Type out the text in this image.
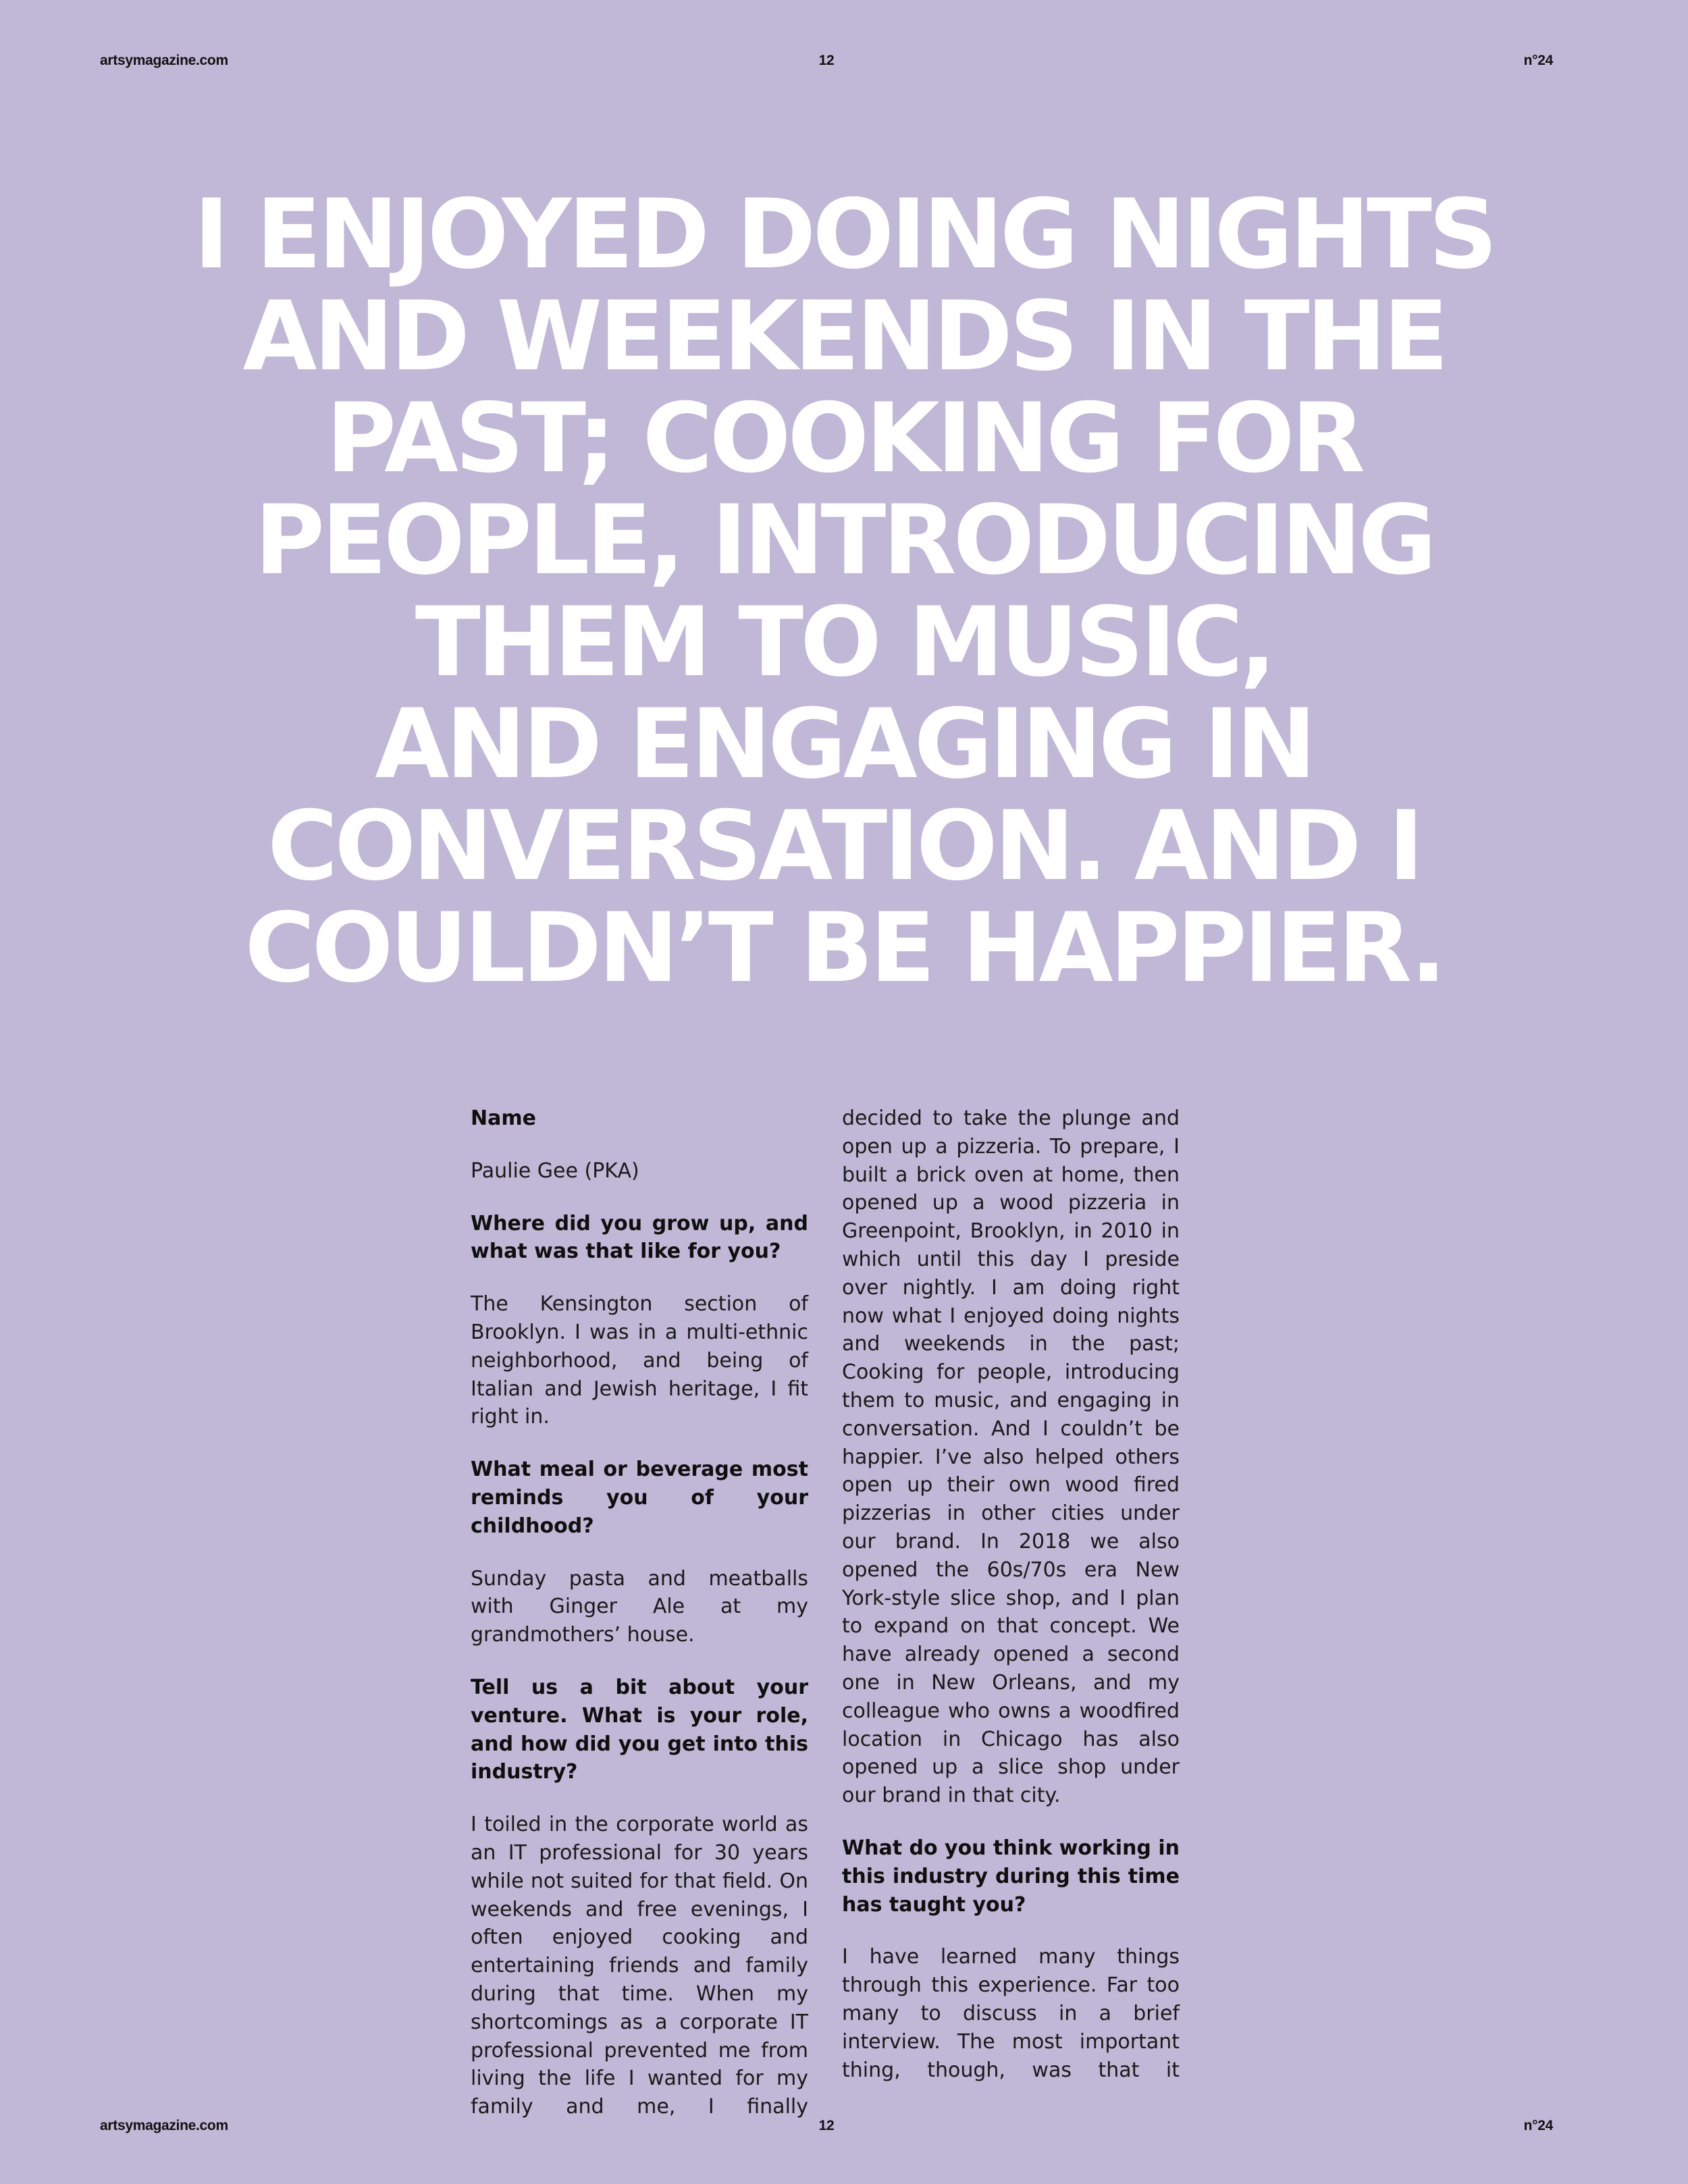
artsymagazine.com	12	n°24
I ENJOYED DOING NIGHTS
AND WEEKENDS IN THE
PAST; COOKING FOR
PEOPLE, INTRODUCING
THEM TO MUSIC,
AND ENGAGING IN
CONVERSATION. AND I
COULDN’T BE HAPPIER.

Name

Paulie Gee (PKA)

Where did you grow up, and what was that like for you?

The Kensington section of Brooklyn. I was in a multi-ethnic neighborhood, and being of Italian and Jewish heritage, I fit right in.

What meal or beverage most reminds you of your childhood?

Sunday pasta and meatballs with Ginger Ale at my grandmothers’ house.

Tell us a bit about your venture. What is your role, and how did you get into this industry?

I toiled in the corporate world as an IT professional for 30 years while not suited for that field. On weekends and free evenings, I often enjoyed cooking and entertaining friends and family during that time. When my shortcomings as a corporate IT professional prevented me from living the life I wanted for my family and me, I finally

decided to take the plunge and open up a pizzeria. To prepare, I built a brick oven at home, then opened up a wood pizzeria in Greenpoint, Brooklyn, in 2010 in which until this day I preside over nightly. I am doing right now what I enjoyed doing nights and weekends in the past; Cooking for people, introducing them to music, and engaging in conversation. And I couldn’t be happier. I’ve also helped others open up their own wood fired pizzerias in other cities under our brand. In 2018 we also opened the 60s/70s era New York-style slice shop, and I plan to expand on that concept. We have already opened a second one in New Orleans, and my colleague who owns a woodfired location in Chicago has also opened up a slice shop under our brand in that city.

What do you think working in this industry during this time has taught you?

I have learned many things through this experience. Far too many to discuss in a brief interview. The most important thing, though, was that it

artsymagazine.com	12	n°24
